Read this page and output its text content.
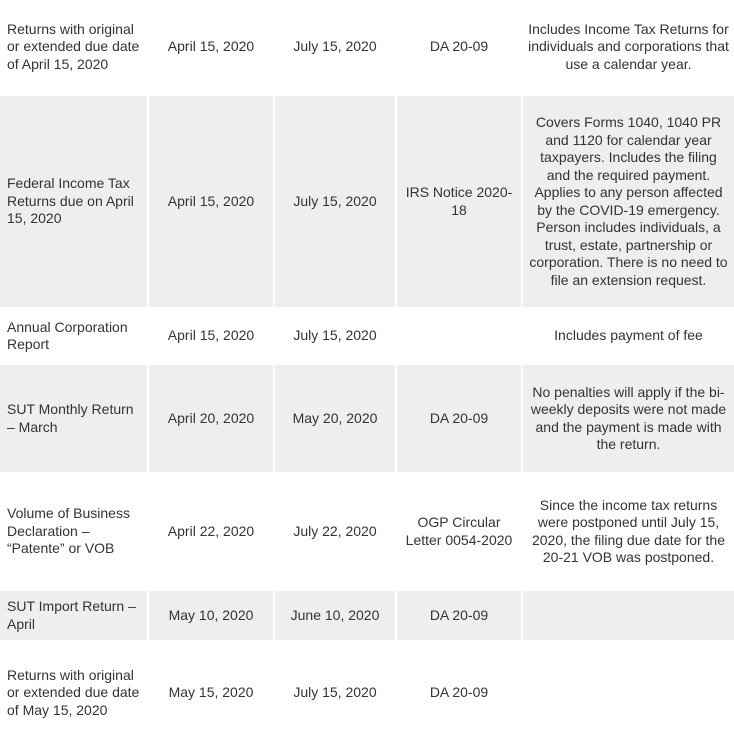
Returns with original or extended due date of April 15, 2020	April 15, 2020	July 15, 2020	DA 20-09	Includes Income Tax Returns for individuals and corporations that use a calendar year.
Federal Income Tax Returns due on April 15, 2020	April 15, 2020	July 15, 2020	IRS Notice 2020-18	Covers Forms 1040, 1040 PR and 1120 for calendar year taxpayers. Includes the filing and the required payment. Applies to any person affected by the COVID-19 emergency. Person includes individuals, a trust, estate, partnership or corporation. There is no need to file an extension request.
Annual Corporation Report	April 15, 2020	July 15, 2020		Includes payment of fee
SUT Monthly Return – March	April 20, 2020	May 20, 2020	DA 20-09	No penalties will apply if the bi-weekly deposits were not made and the payment is made with the return.
Volume of Business Declaration – “Patente” or VOB	April 22, 2020	July 22, 2020	OGP Circular Letter 0054-2020	Since the income tax returns were postponed until July 15, 2020, the filing due date for the 20-21 VOB was postponed.
SUT Import Return – April	May 10, 2020	June 10, 2020	DA 20-09	
Returns with original or extended due date of May 15, 2020	May 15, 2020	July 15, 2020	DA 20-09	
